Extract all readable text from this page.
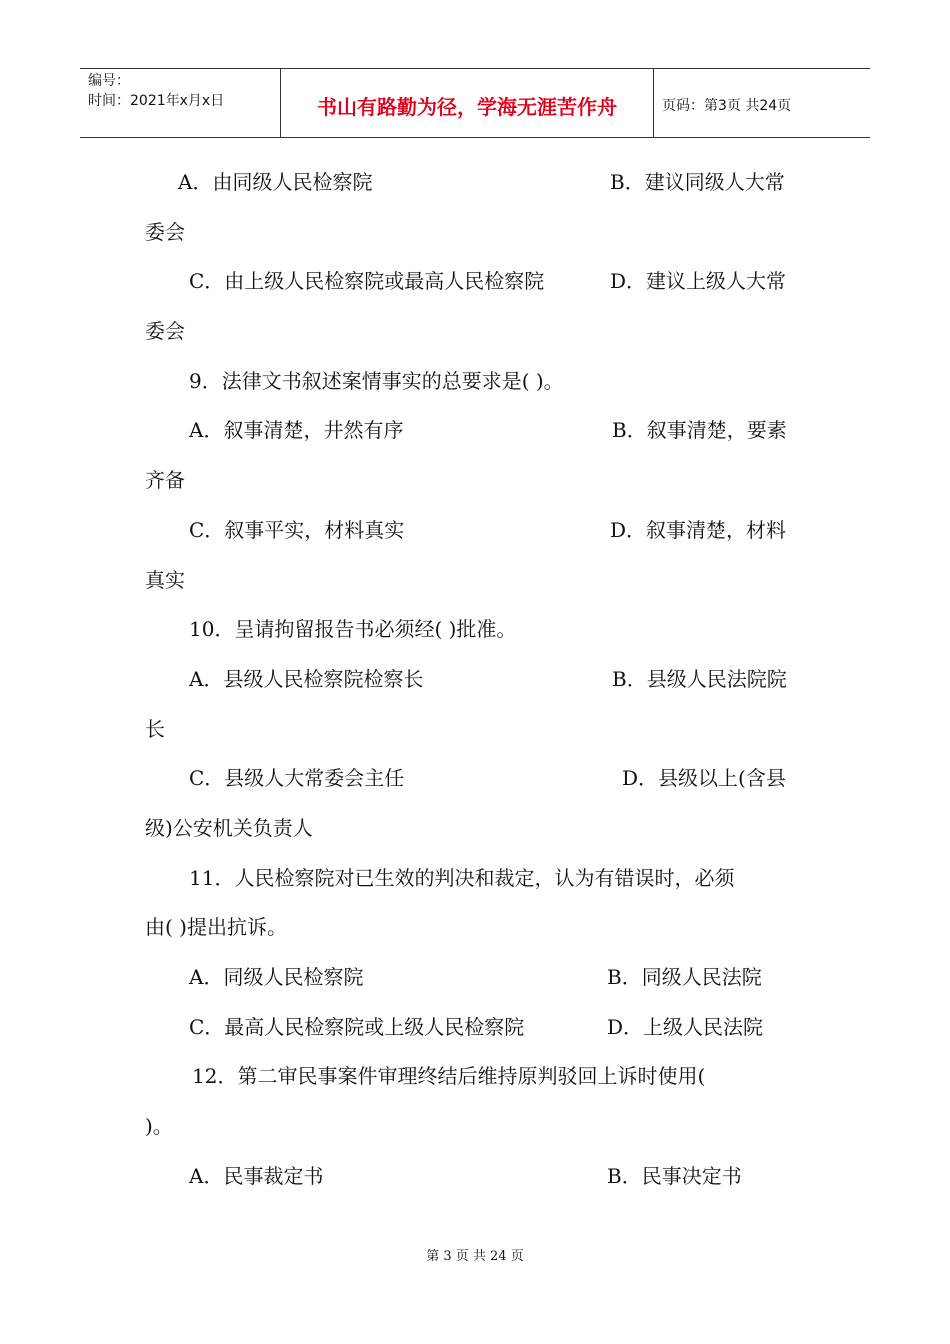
编号：
时间：2021年x月x日	书山有路勤为径，学海无涯苦作舟	页码：第3页 共24页
A．由同级人民检察院	B．建议同级人大常
委会
C．由上级人民检察院或最高人民检察院	D．建议上级人大常
委会
9．法律文书叙述案情事实的总要求是( )。
A．叙事清楚，井然有序	B．叙事清楚，要素
齐备
C．叙事平实，材料真实	D．叙事清楚，材料
真实
10．呈请拘留报告书必须经( )批准。
A．县级人民检察院检察长	B．县级人民法院院
长
C．县级人大常委会主任	D．县级以上(含县
级)公安机关负责人
11．人民检察院对已生效的判决和裁定，认为有错误时，必须
由( )提出抗诉。
A．同级人民检察院	B．同级人民法院
C．最高人民检察院或上级人民检察院	D．上级人民法院
12．第二审民事案件审理终结后维持原判驳回上诉时使用(
)。
A．民事裁定书	B．民事决定书
第 3 页 共 24 页
